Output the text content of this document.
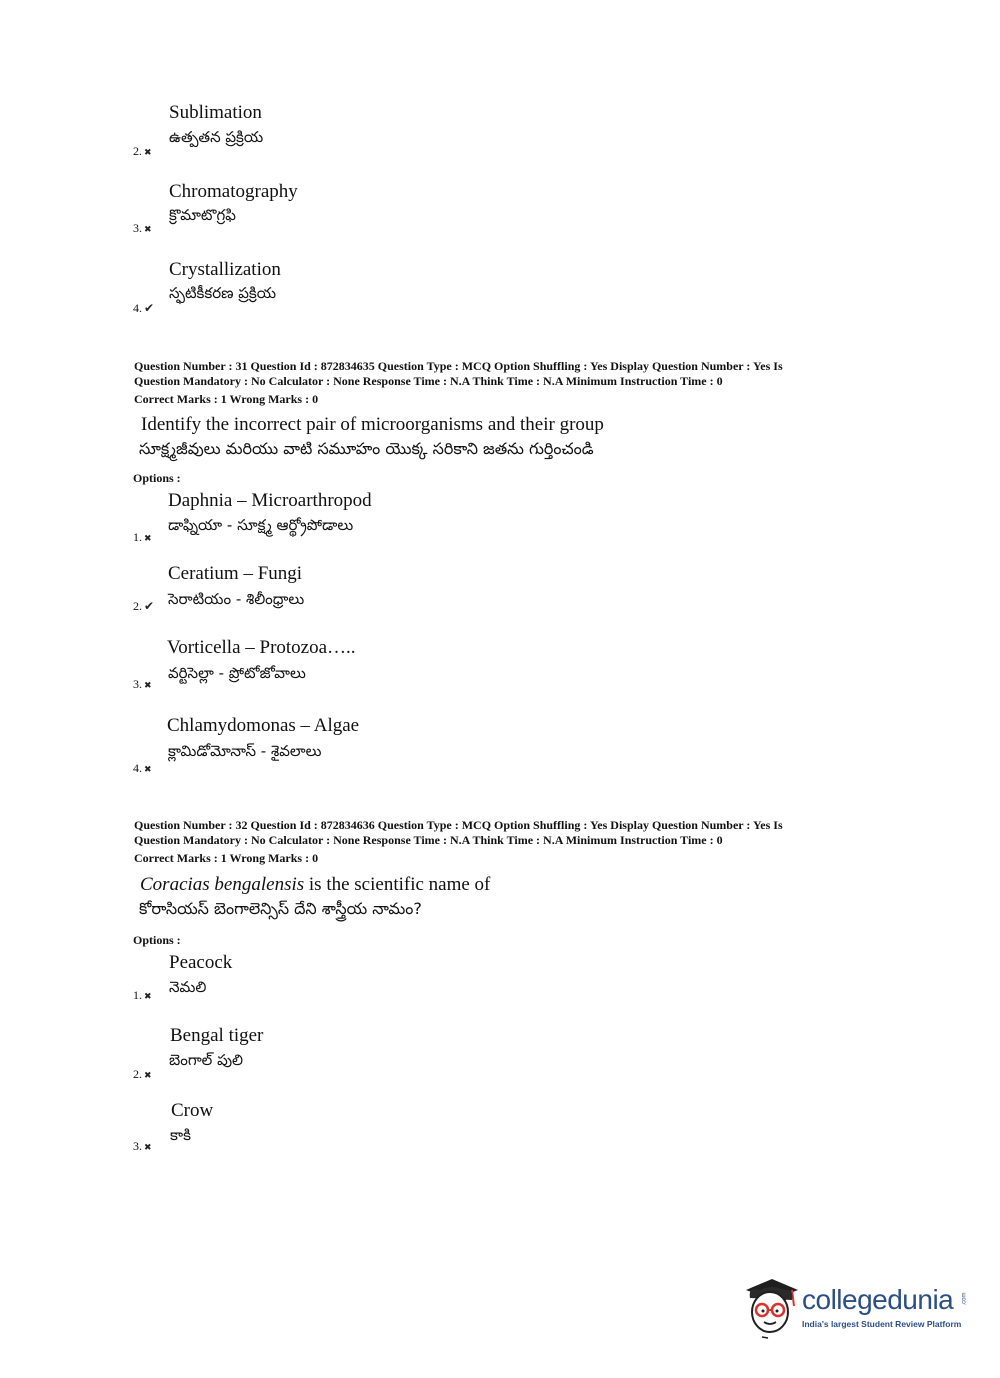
Sublimation
ఉత్పతన ప్రక్రియ
2. ✖
Chromatography
క్రొమాటొగ్రఫి
3. ✖
Crystallization
స్ఫటికీకరణ ప్రక్రియ
4. ✔
Question Number : 31 Question Id : 872834635 Question Type : MCQ Option Shuffling : Yes Display Question Number : Yes Is
Question Mandatory : No Calculator : None Response Time : N.A Think Time : N.A Minimum Instruction Time : 0
Correct Marks : 1 Wrong Marks : 0
Identify the incorrect pair of microorganisms and their group
సూక్ష్మజీవులు మరియు వాటి సమూహం యొక్క సరికాని జతను గుర్తించండి
Options :
Daphnia – Microarthropod
డాఫ్నియా - సూక్ష్మ ఆర్థ్రోపోడాలు
1. ✖
Ceratium – Fungi
సెరాటియం - శిలీంధ్రాలు
2. ✔
Vorticella – Protozoa…..
వర్టిసెల్లా - ప్రోటోజోవాలు
3. ✖
Chlamydomonas – Algae
క్లామిడోమోనాస్ - శైవలాలు
4. ✖
Question Number : 32 Question Id : 872834636 Question Type : MCQ Option Shuffling : Yes Display Question Number : Yes Is
Question Mandatory : No Calculator : None Response Time : N.A Think Time : N.A Minimum Instruction Time : 0
Correct Marks : 1 Wrong Marks : 0
Coracias bengalensis is the scientific name of
కోరాసియస్ బెంగాలెన్సిస్ దేని శాస్త్రీయ నామం?
Options :
Peacock
నెమలి
1. ✖
Bengal tiger
బెంగాల్ పులి
2. ✖
Crow
కాకి
3. ✖
collegedunia .com
India's largest Student Review Platform
